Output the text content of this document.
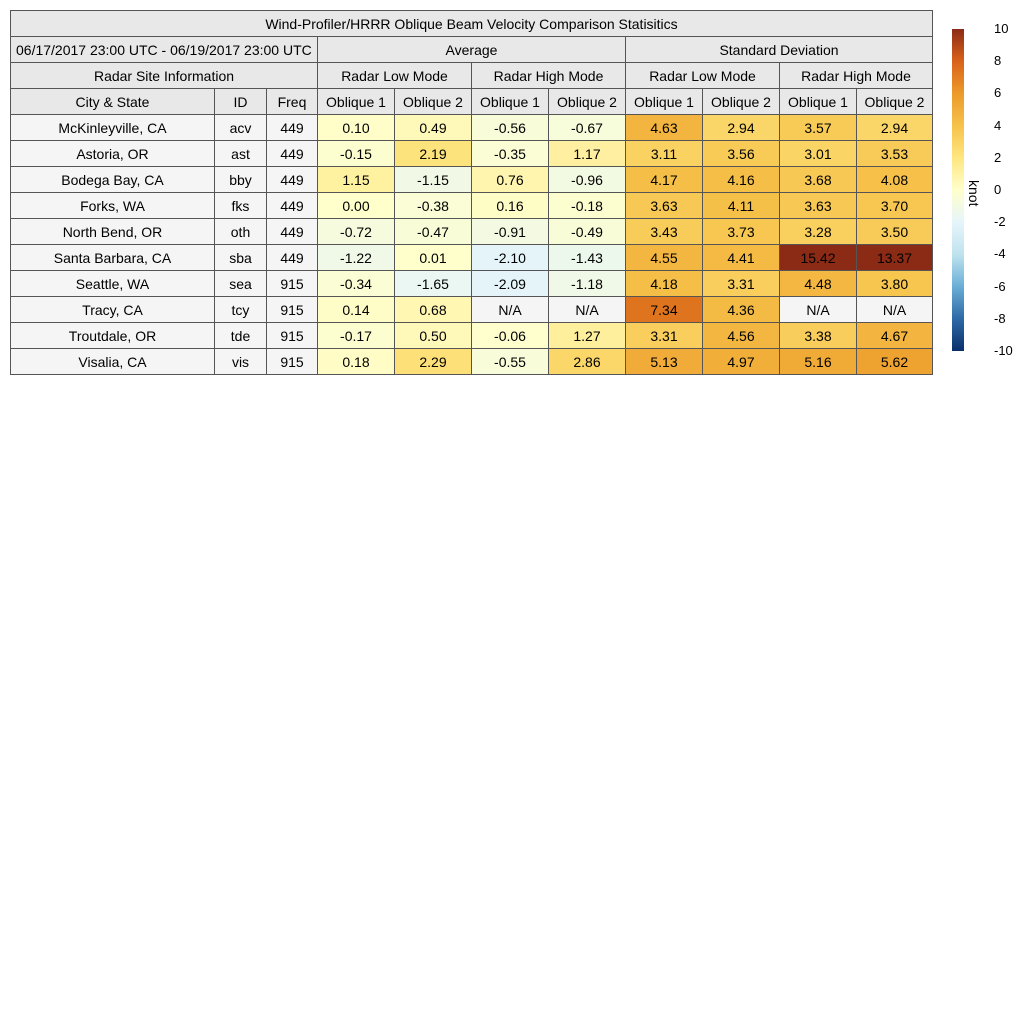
Wind-Profiler/HRRR Oblique Beam Velocity Comparison Statisitics										
06/17/2017 23:00 UTC - 06/19/2017 23:00 UTC			Average				Standard Deviation			
Radar Site Information			Radar Low Mode		Radar High Mode		Radar Low Mode		Radar High Mode	
City & State	ID	Freq	Oblique 1	Oblique 2	Oblique 1	Oblique 2	Oblique 1	Oblique 2	Oblique 1	Oblique 2
McKinleyville, CA	acv	449	0.10	0.49	-0.56	-0.67	4.63	2.94	3.57	2.94
Astoria, OR	ast	449	-0.15	2.19	-0.35	1.17	3.11	3.56	3.01	3.53
Bodega Bay, CA	bby	449	1.15	-1.15	0.76	-0.96	4.17	4.16	3.68	4.08
Forks, WA	fks	449	0.00	-0.38	0.16	-0.18	3.63	4.11	3.63	3.70
North Bend, OR	oth	449	-0.72	-0.47	-0.91	-0.49	3.43	3.73	3.28	3.50
Santa Barbara, CA	sba	449	-1.22	0.01	-2.10	-1.43	4.55	4.41	15.42	13.37
Seattle, WA	sea	915	-0.34	-1.65	-2.09	-1.18	4.18	3.31	4.48	3.80
Tracy, CA	tcy	915	0.14	0.68	N/A	N/A	7.34	4.36	N/A	N/A
Troutdale, OR	tde	915	-0.17	0.50	-0.06	1.27	3.31	4.56	3.38	4.67
Visalia, CA	vis	915	0.18	2.29	-0.55	2.86	5.13	4.97	5.16	5.62
10
8
6
4
2
0
-2
-4
-6
-8
-10
knot
